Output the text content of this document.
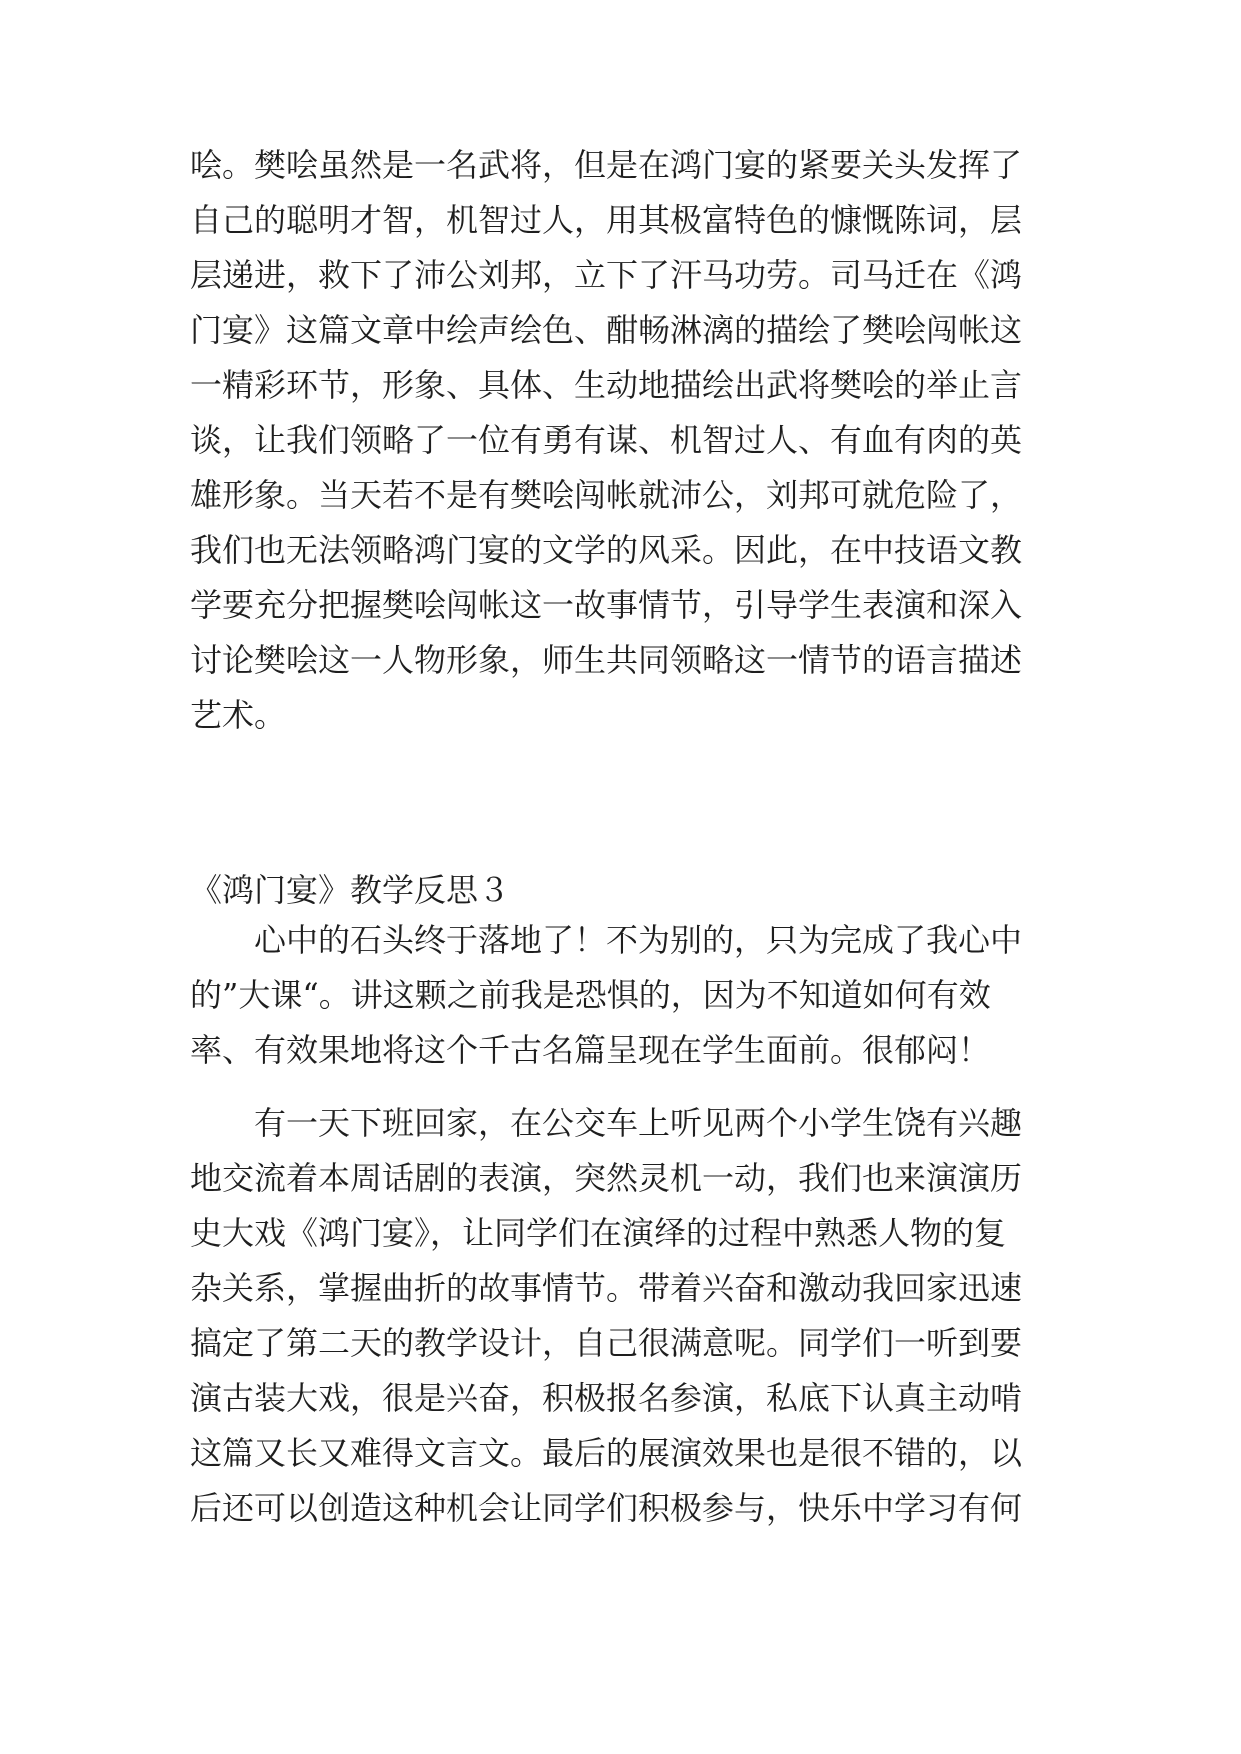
哙。樊哙虽然是一名武将，但是在鸿门宴的紧要关头发挥了
自己的聪明才智，机智过人，用其极富特色的慷慨陈词，层
层递进，救下了沛公刘邦，立下了汗马功劳。司马迁在《鸿
门宴》这篇文章中绘声绘色、酣畅淋漓的描绘了樊哙闯帐这
一精彩环节，形象、具体、生动地描绘出武将樊哙的举止言
谈，让我们领略了一位有勇有谋、机智过人、有血有肉的英
雄形象。当天若不是有樊哙闯帐就沛公，刘邦可就危险了，
我们也无法领略鸿门宴的文学的风采。因此，在中技语文教
学要充分把握樊哙闯帐这一故事情节，引导学生表演和深入
讨论樊哙这一人物形象，师生共同领略这一情节的语言描述
艺术。
《鸿门宴》教学反思３
心中的石头终于落地了！不为别的，只为完成了我心中
的”大课“。讲这颗之前我是恐惧的，因为不知道如何有效
率、有效果地将这个千古名篇呈现在学生面前。很郁闷！
有一天下班回家，在公交车上听见两个小学生饶有兴趣
地交流着本周话剧的表演，突然灵机一动，我们也来演演历
史大戏《鸿门宴》，让同学们在演绎的过程中熟悉人物的复
杂关系，掌握曲折的故事情节。带着兴奋和激动我回家迅速
搞定了第二天的教学设计，自己很满意呢。同学们一听到要
演古装大戏，很是兴奋，积极报名参演，私底下认真主动啃
这篇又长又难得文言文。最后的展演效果也是很不错的，以
后还可以创造这种机会让同学们积极参与，快乐中学习有何
